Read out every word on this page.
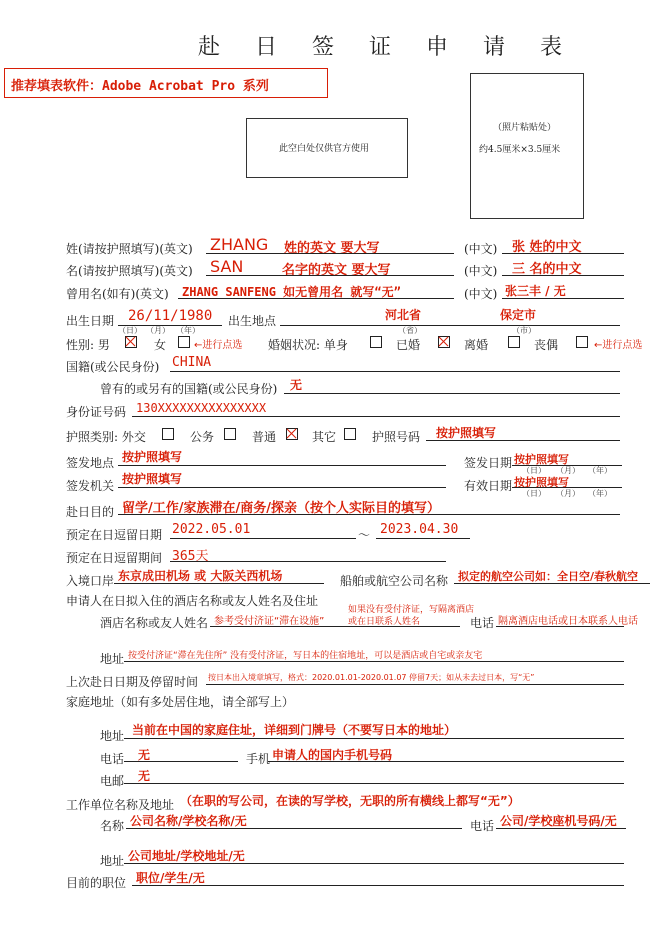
赴 日 签 证 申 请 表
推荐填表软件：Adobe Acrobat Pro 系列
此空白处仅供官方使用
（照片粘贴处）
约4.5厘米×3.5厘米
姓(请按护照填写)(英文) ZHANG 姓的英文 要大写	(中文) 张 姓的中文
名(请按护照填写)(英文) SAN	名字的英文 要大写	(中文) 三 名的中文
曾用名(如有)(英文) ZHANG SANFENG 如无曾用名 就写“无”	(中文) 张三丰 / 无
出生日期 26/11/1980 出生地点	河北省	保定市
（日） （月） （年）	（省）	（市）
性别: 男	女	←进行点选 婚姻状况: 单身	已婚	离婚	丧偶	←进行点选
国籍(或公民身份) CHINA
曾有的或另有的国籍(或公民身份) 无
身份证号码 130XXXXXXXXXXXXXXX
护照类别: 外交	公务	普通	其它	护照号码 按护照填写
签发地点 按护照填写	签发日期 按护照填写
（日） （月） （年）
签发机关 按护照填写	有效日期 按护照填写
（日） （月） （年）
赴日目的 留学/工作/家族滞在/商务/探亲（按个人实际目的填写）
预定在日逗留日期 2022.05.01	～ 2023.04.30
预定在日逗留期间 365天
入境口岸 东京成田机场 或 大阪关西机场	船舶或航空公司名称 拟定的航空公司如：全日空/春秋航空
申请人在日拟入住的酒店名称或友人姓名及住址
酒店名称或友人姓名 参考受付济证“滞在设施”
如果没有受付济证，写隔离酒店
或在日联系人姓名	电话 隔离酒店电话或日本联系人电话
地址 按受付济证“滞在先住所” 没有受付济证，写日本的住宿地址，可以是酒店或自宅或亲友宅
上次赴日日期及停留时间 按日本出入境章填写，格式：2020.01.01-2020.01.07 停留7天；如从未去过日本，写“无”
家庭地址（如有多处居住地，请全部写上）
地址 当前在中国的家庭住址，详细到门牌号（不要写日本的地址）
电话 无	手机 申请人的国内手机号码
电邮 无
工作单位名称及地址 （在职的写公司，在读的写学校，无职的所有横线上都写“无”）
名称 公司名称/学校名称/无	电话 公司/学校座机号码/无
地址 公司地址/学校地址/无
目前的职位 职位/学生/无
